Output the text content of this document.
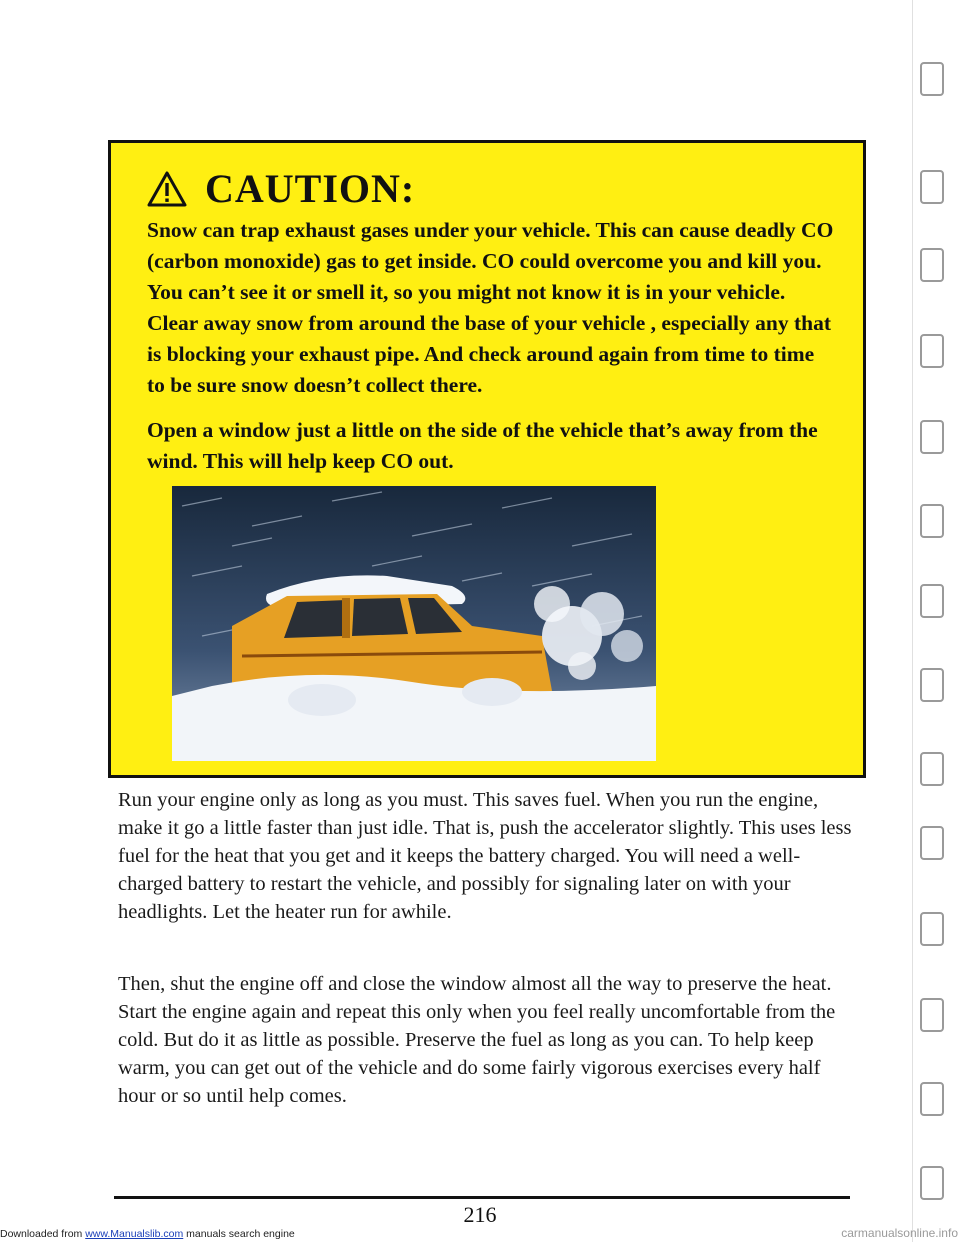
CAUTION:

Snow can trap exhaust gases under your vehicle. This can cause deadly CO (carbon monoxide) gas to get inside. CO could overcome you and kill you. You can’t see it or smell it, so you might not know it is in your vehicle. Clear away snow from around the base of your vehicle , especially any that is blocking your exhaust pipe. And check around again from time to time to be sure snow doesn’t collect there.

Open a window just a little on the side of the vehicle that’s away from the wind. This will help keep CO out.

Run your engine only as long as you must. This saves fuel. When you run the engine, make it go a little faster than just idle. That is, push the accelerator slightly. This uses less fuel for the heat that you get and it keeps the battery charged. You will need a well-charged battery to restart the vehicle, and possibly for signaling later on with your headlights. Let the heater run for awhile.

Then, shut the engine off and close the window almost all the way to preserve the heat. Start the engine again and repeat this only when you feel really uncomfortable from the cold. But do it as little as possible. Preserve the fuel as long as you can. To help keep warm, you can get out of the vehicle and do some fairly vigorous exercises every half hour or so until help comes.

216
Downloaded from www.Manualslib.com manuals search engine	carmanualsonline.info
